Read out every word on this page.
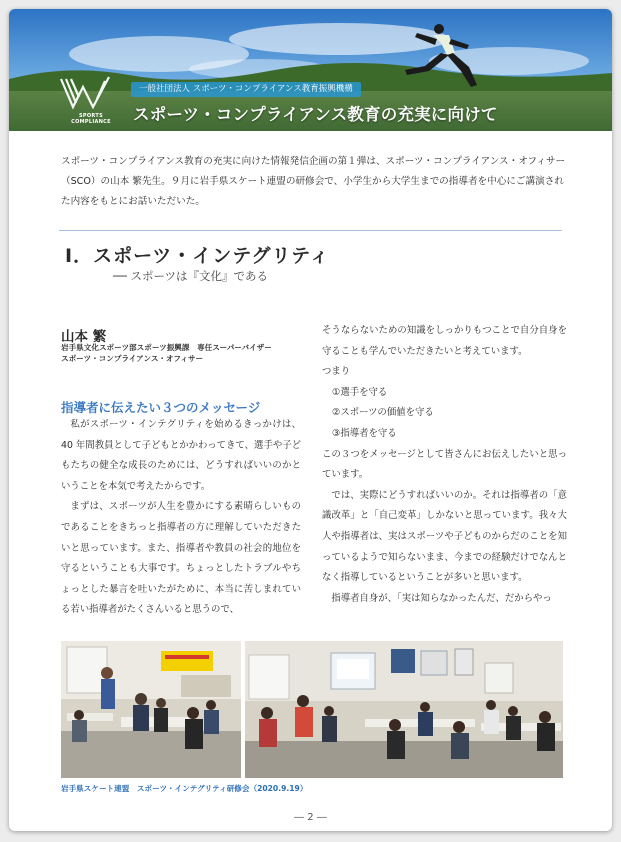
SPORTS
COMPLIANCE
一般社団法人 スポーツ・コンプライアンス教育振興機構
スポーツ・コンプライアンス教育の充実に向けて

スポーツ・コンプライアンス教育の充実に向けた情報発信企画の第１弾は、スポーツ・コンプライアンス・オフィサー（SCO）の山本 繁先生。９月に岩手県スケート連盟の研修会で、小学生から大学生までの指導者を中心にご講演された内容をもとにお話いただいた。

Ⅰ．スポーツ・インテグリティ
── スポーツは『文化』である
山本 繁
岩手県文化スポーツ部スポーツ振興課　専任スーパーバイザー
スポーツ・コンプライアンス・オフィサー
指導者に伝えたい３つのメッセージ

私がスポーツ・インテグリティを始めるきっかけは、40 年間教員として子どもとかかわってきて、選手や子どもたちの健全な成長のためには、どうすればいいのかということを本気で考えたからです。

まずは、スポーツが人生を豊かにする素晴らしいものであることをきちっと指導者の方に理解していただきたいと思っています。また、指導者や教員の社会的地位を守るということも大事です。ちょっとしたトラブルやちょっとした暴言を吐いたがために、本当に苦しまれている若い指導者がたくさんいると思うので、

そうならないための知識をしっかりもつことで自分自身を守ることも学んでいただきたいと考えています。

つまり

①選手を守る

②スポーツの価値を守る

③指導者を守る

この３つをメッセージとして皆さんにお伝えしたいと思っています。

では、実際にどうすればいいのか。それは指導者の「意識改革」と「自己変革」しかないと思っています。我々大人や指導者は、実はスポーツや子どものからだのことを知っているようで知らないまま、今までの経験だけでなんとなく指導しているということが多いと思います。

指導者自身が、｢実は知らなかったんだ、だからやっ

岩手県スケート連盟　スポーツ・インテグリティ研修会（2020.9.19）
― 2 ―
